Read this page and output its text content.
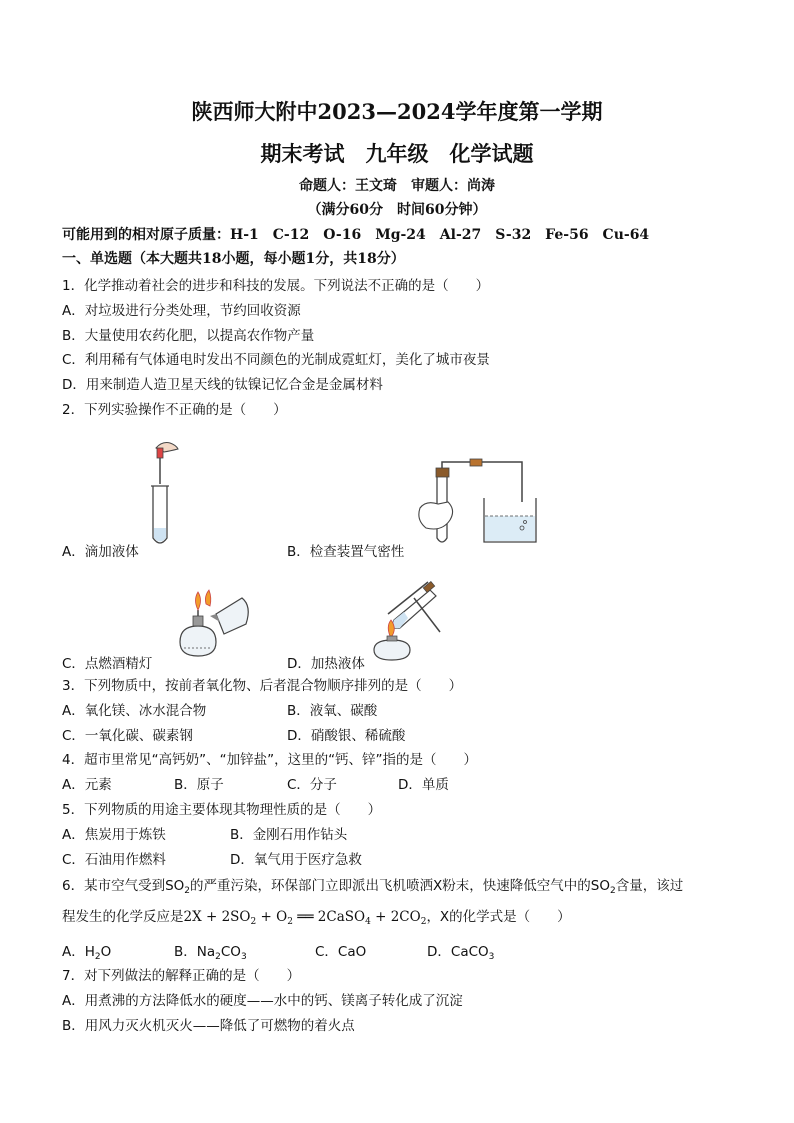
陕西师大附中2023—2024学年度第一学期
期末考试　九年级　化学试题
命题人：王文琦　审题人：尚涛
（满分60分　时间60分钟）
可能用到的相对原子质量：H-1　C-12　O-16　Mg-24　Al-27　S-32　Fe-56　Cu-64
一、单选题（本大题共18小题，每小题1分，共18分）
1．化学推动着社会的进步和科技的发展。下列说法不正确的是（　　）
A．对垃圾进行分类处理，节约回收资源
B．大量使用农药化肥，以提高农作物产量
C．利用稀有气体通电时发出不同颜色的光制成霓虹灯，美化了城市夜景
D．用来制造人造卫星天线的钛镍记忆合金是金属材料
2．下列实验操作不正确的是（　　）
A．滴加液体	B．检查装置气密性
C．点燃酒精灯	D．加热液体
3．下列物质中，按前者氧化物、后者混合物顺序排列的是（　　）
A．氧化镁、冰水混合物	B．液氧、碳酸
C．一氧化碳、碳素钢	D．硝酸银、稀硫酸
4．超市里常见“高钙奶”、“加锌盐”，这里的“钙、锌”指的是（　　）
A．元素	B．原子	C．分子	D．单质
5．下列物质的用途主要体现其物理性质的是（　　）
A．焦炭用于炼铁	B．金刚石用作钻头
C．石油用作燃料	D．氧气用于医疗急救
6．某市空气受到$SO_2$的严重污染，环保部门立即派出飞机喷洒X粉末，快速降低空气中的$SO_2$含量，该过
程发生的化学反应是$2X + 2SO_2 + O_2$ ══ 2CaSO$_4$ + $2CO_2$，X的化学式是（　　）
A．$H_2O$	B．$Na_2CO_3$	C．CaO	D．CaCO$_3$
7．对下列做法的解释正确的是（　　）
A．用煮沸的方法降低水的硬度——水中的钙、镁离子转化成了沉淀
B．用风力灭火机灭火——降低了可燃物的着火点
